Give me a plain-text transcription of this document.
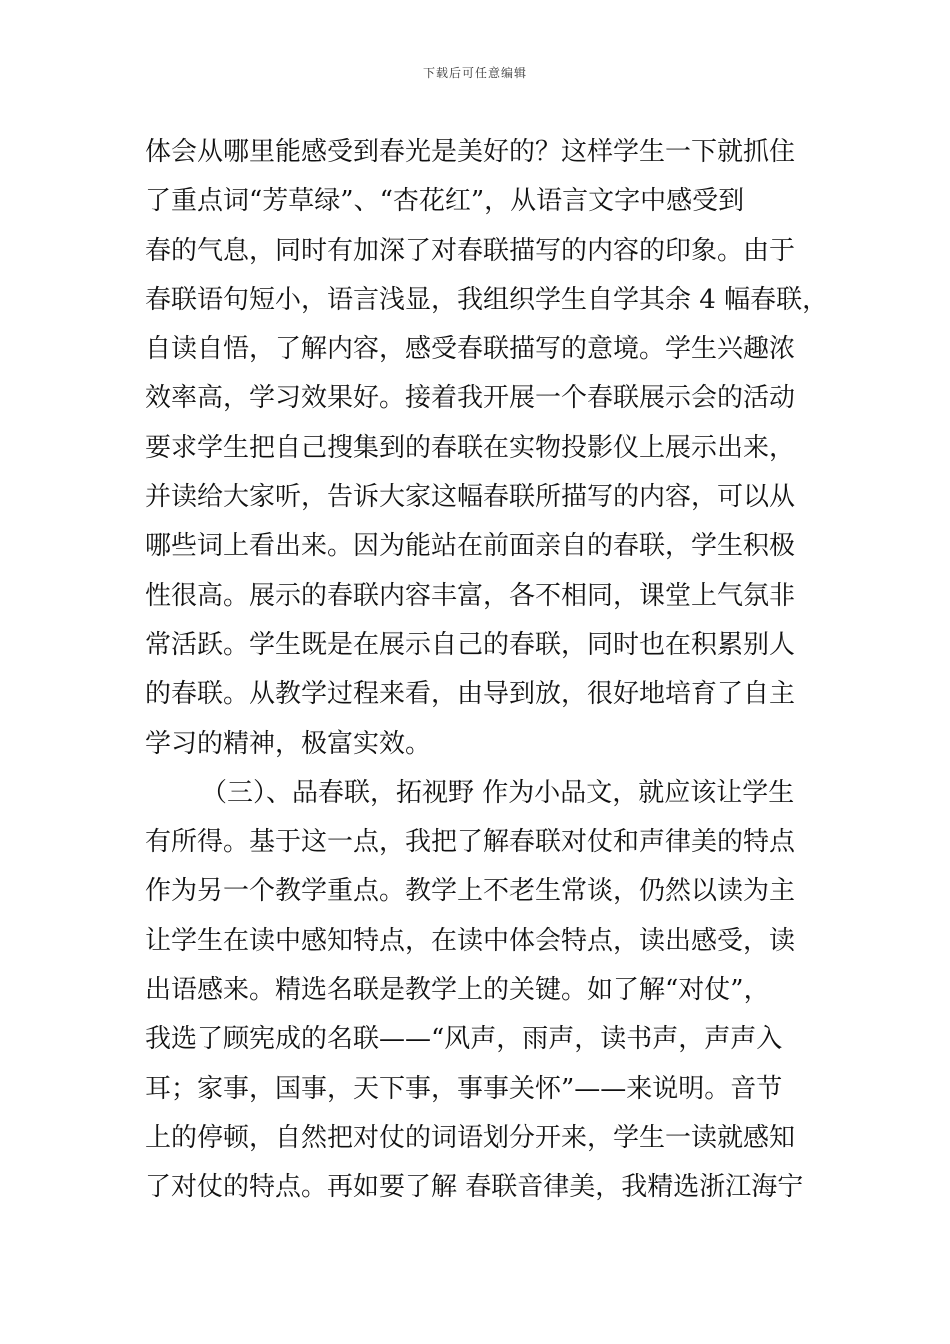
下载后可任意编辑
体会从哪里能感受到春光是美好的？这样学生一下就抓住
了重点词“芳草绿”、“杏花红”，从语言文字中感受到
春的气息，同时有加深了对春联描写的内容的印象。由于
春联语句短小，语言浅显，我组织学生自学其余 4 幅春联，
自读自悟，了解内容，感受春联描写的意境。学生兴趣浓
效率高，学习效果好。接着我开展一个春联展示会的活动
要求学生把自己搜集到的春联在实物投影仪上展示出来，
并读给大家听，告诉大家这幅春联所描写的内容，可以从
哪些词上看出来。因为能站在前面亲自的春联，学生积极
性很高。展示的春联内容丰富，各不相同，课堂上气氛非
常活跃。学生既是在展示自己的春联，同时也在积累别人
的春联。从教学过程来看，由导到放，很好地培育了自主
学习的精神，极富实效。
（三）、品春联，拓视野 作为小品文，就应该让学生
有所得。基于这一点，我把了解春联对仗和声律美的特点
作为另一个教学重点。教学上不老生常谈，仍然以读为主
让学生在读中感知特点，在读中体会特点，读出感受，读
出语感来。精选名联是教学上的关键。如了解“对仗”，
我选了顾宪成的名联——“风声，雨声，读书声，声声入
耳；家事，国事，天下事，事事关怀”——来说明。音节
上的停顿，自然把对仗的词语划分开来，学生一读就感知
了对仗的特点。再如要了解 春联音律美，我精选浙江海宁
